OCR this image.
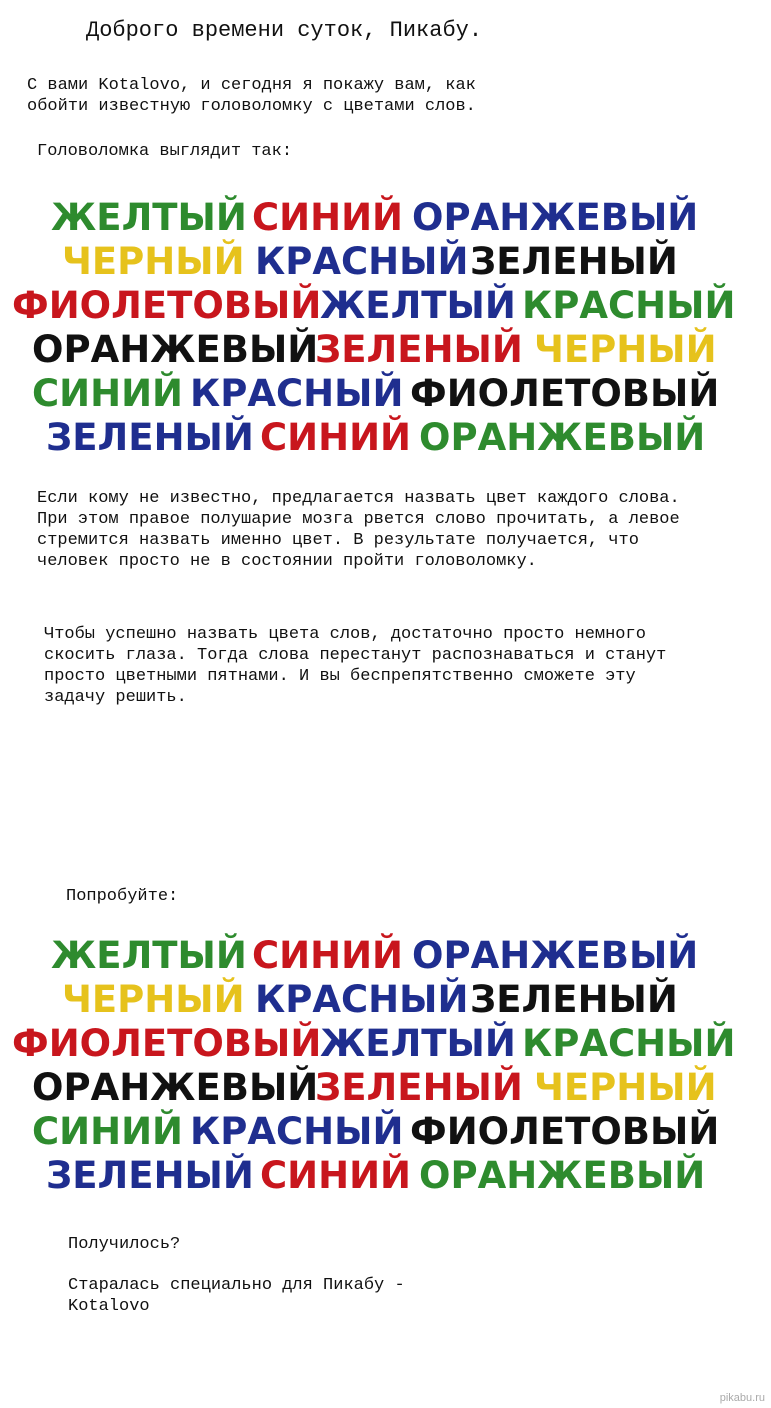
Доброго времени суток, Пикабу.
С вами Kotalovo, и сегодня я покажу вам, как
обойти известную головоломку с цветами слов.
Головоломка выглядит так:
ЖЕЛТЫЙ СИНИЙ ОРАНЖЕВЫЙ
ЧЕРНЫЙ КРАСНЫЙ ЗЕЛЕНЫЙ
ФИОЛЕТОВЫЙ
ЖЕЛТЫЙ КРАСНЫЙ
ОРАНЖЕВЫЙ
ЗЕЛЕНЫЙ ЧЕРНЫЙ
СИНИЙ КРАСНЫЙ ФИОЛЕТОВЫЙ
ЗЕЛЕНЫЙ СИНИЙ ОРАНЖЕВЫЙ
Если кому не известно, предлагается назвать цвет каждого слова.
При этом правое полушарие мозга рвется слово прочитать, а левое
стремится назвать именно цвет. В результате получается, что
человек просто не в состоянии пройти головоломку.
Чтобы успешно назвать цвета слов, достаточно просто немного
скосить глаза. Тогда слова перестанут распознаваться и станут
просто цветными пятнами. И вы беспрепятственно сможете эту
задачу решить.
Попробуйте:
ЖЕЛТЫЙ СИНИЙ ОРАНЖЕВЫЙ
ЧЕРНЫЙ КРАСНЫЙ ЗЕЛЕНЫЙ
ФИОЛЕТОВЫЙ
ЖЕЛТЫЙ КРАСНЫЙ
ОРАНЖЕВЫЙ
ЗЕЛЕНЫЙ ЧЕРНЫЙ
СИНИЙ КРАСНЫЙ ФИОЛЕТОВЫЙ
ЗЕЛЕНЫЙ СИНИЙ ОРАНЖЕВЫЙ
Получилось?
Старалась специально для Пикабу -
Kotalovo
pikabu.ru
